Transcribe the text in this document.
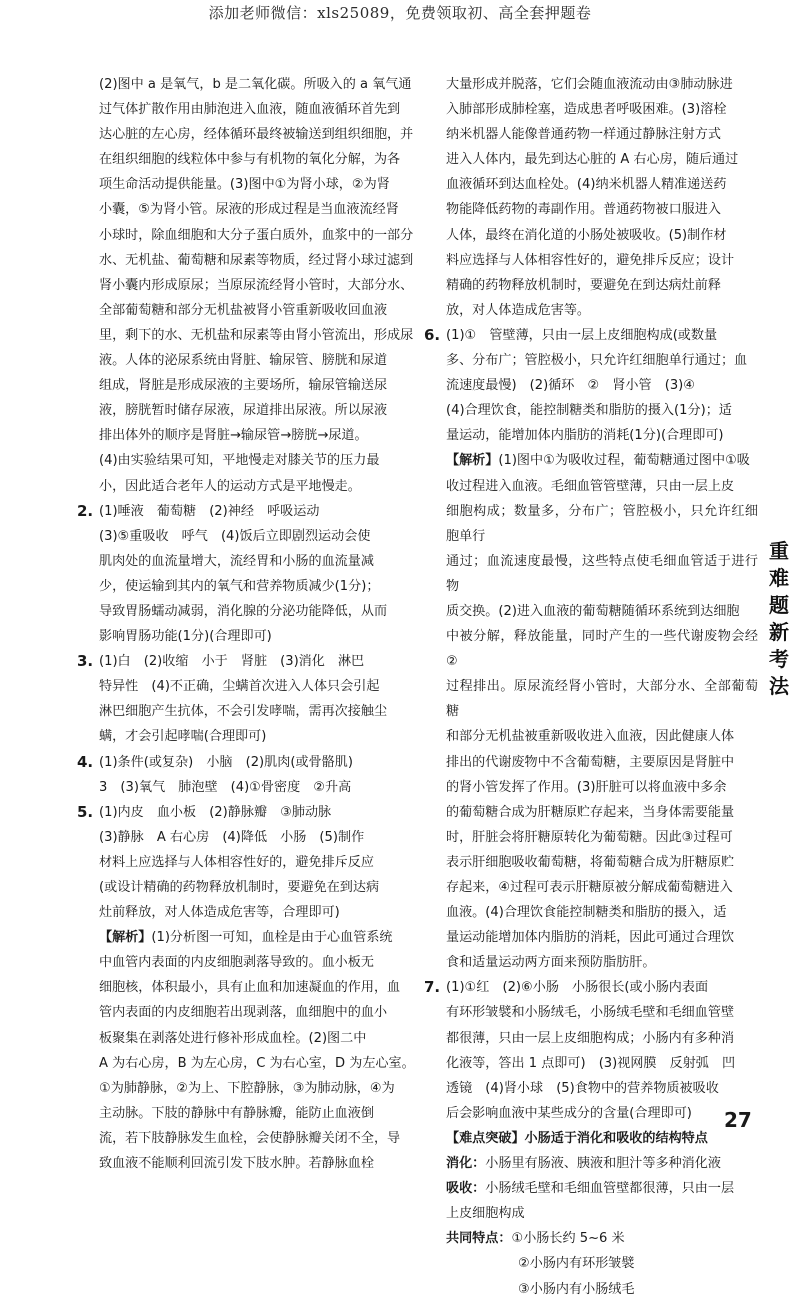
添加老师微信：xls25089，免费领取初、高全套押题卷

(2)图中 a 是氧气，b 是二氧化碳。所吸入的 a 氧气通

过气体扩散作用由肺泡进入血液，随血液循环首先到

达心脏的左心房，经体循环最终被输送到组织细胞，并

在组织细胞的线粒体中参与有机物的氧化分解，为各

项生命活动提供能量。(3)图中①为肾小球，②为肾

小囊，⑤为肾小管。尿液的形成过程是当血液流经肾

小球时，除血细胞和大分子蛋白质外，血浆中的一部分

水、无机盐、葡萄糖和尿素等物质，经过肾小球过滤到

肾小囊内形成原尿；当原尿流经肾小管时，大部分水、

全部葡萄糖和部分无机盐被肾小管重新吸收回血液

里，剩下的水、无机盐和尿素等由肾小管流出，形成尿

液。人体的泌尿系统由肾脏、输尿管、膀胱和尿道

组成，肾脏是形成尿液的主要场所，输尿管输送尿

液，膀胱暂时储存尿液，尿道排出尿液。所以尿液

排出体外的顺序是肾脏→输尿管→膀胱→尿道。

(4)由实验结果可知，平地慢走对膝关节的压力最

小，因此适合老年人的运动方式是平地慢走。

2. (1)唾液　葡萄糖　(2)神经　呼吸运动

(3)⑤重吸收　呼气　(4)饭后立即剧烈运动会使

肌肉处的血流量增大，流经胃和小肠的血流量减

少，使运输到其内的氧气和营养物质减少(1分)；

导致胃肠蠕动减弱，消化腺的分泌功能降低，从而

影响胃肠功能(1分)(合理即可)

3. (1)白　(2)收缩　小于　肾脏　(3)消化　淋巴

特异性　(4)不正确，尘螨首次进入人体只会引起

淋巴细胞产生抗体，不会引发哮喘，需再次接触尘

螨，才会引起哮喘(合理即可)

4. (1)条件(或复杂)　小脑　(2)肌肉(或骨骼肌)

3　(3)氧气　肺泡壁　(4)①骨密度　②升高

5. (1)内皮　血小板　(2)静脉瓣　③肺动脉

(3)静脉　A 右心房　(4)降低　小肠　(5)制作

材料上应选择与人体相容性好的，避免排斥反应

(或设计精确的药物释放机制时，要避免在到达病

灶前释放，对人体造成危害等，合理即可)

【解析】(1)分析图一可知，血栓是由于心血管系统

中血管内表面的内皮细胞剥落导致的。血小板无

细胞核，体积最小，具有止血和加速凝血的作用，血

管内表面的内皮细胞若出现剥落，血细胞中的血小

板聚集在剥落处进行修补形成血栓。(2)图二中

A 为右心房，B 为左心房，C 为右心室，D 为左心室。

①为肺静脉，②为上、下腔静脉，③为肺动脉，④为

主动脉。下肢的静脉中有静脉瓣，能防止血液倒

流，若下肢静脉发生血栓，会使静脉瓣关闭不全，导

致血液不能顺利回流引发下肢水肿。若静脉血栓

大量形成并脱落，它们会随血液流动由③肺动脉进

入肺部形成肺栓塞，造成患者呼吸困难。(3)溶栓

纳米机器人能像普通药物一样通过静脉注射方式

进入人体内，最先到达心脏的 A 右心房，随后通过

血液循环到达血栓处。(4)纳米机器人精准递送药

物能降低药物的毒副作用。普通药物被口服进入

人体，最终在消化道的小肠处被吸收。(5)制作材

料应选择与人体相容性好的，避免排斥反应；设计

精确的药物释放机制时，要避免在到达病灶前释

放，对人体造成危害等。

6. (1)①　管壁薄，只由一层上皮细胞构成(或数量

多、分布广；管腔极小，只允许红细胞单行通过；血

流速度最慢)　(2)循环　②　肾小管　(3)④

(4)合理饮食，能控制糖类和脂肪的摄入(1分)；适

量运动，能增加体内脂肪的消耗(1分)(合理即可)

【解析】(1)图中①为吸收过程，葡萄糖通过图中①吸

收过程进入血液。毛细血管管壁薄，只由一层上皮

细胞构成；数量多，分布广；管腔极小，只允许红细胞单行

通过；血流速度最慢，这些特点使毛细血管适于进行物

质交换。(2)进入血液的葡萄糖随循环系统到达细胞

中被分解，释放能量，同时产生的一些代谢废物会经②

过程排出。原尿流经肾小管时，大部分水、全部葡萄糖

和部分无机盐被重新吸收进入血液，因此健康人体

排出的代谢废物中不含葡萄糖，主要原因是肾脏中

的肾小管发挥了作用。(3)肝脏可以将血液中多余

的葡萄糖合成为肝糖原贮存起来，当身体需要能量

时，肝脏会将肝糖原转化为葡萄糖。因此③过程可

表示肝细胞吸收葡萄糖，将葡萄糖合成为肝糖原贮

存起来，④过程可表示肝糖原被分解成葡萄糖进入

血液。(4)合理饮食能控制糖类和脂肪的摄入，适

量运动能增加体内脂肪的消耗，因此可通过合理饮

食和适量运动两方面来预防脂肪肝。

7. (1)①红　(2)⑥小肠　小肠很长(或小肠内表面

有环形皱襞和小肠绒毛，小肠绒毛壁和毛细血管壁

都很薄，只由一层上皮细胞构成；小肠内有多种消

化液等，答出 1 点即可)　(3)视网膜　反射弧　凹

透镜　(4)肾小球　(5)食物中的营养物质被吸收

后会影响血液中某些成分的含量(合理即可)

【难点突破】小肠适于消化和吸收的结构特点

消化：小肠里有肠液、胰液和胆汁等多种消化液

吸收：小肠绒毛壁和毛细血管壁都很薄，只由一层

上皮细胞构成

共同特点：①小肠长约 5~6 米

②小肠内有环形皱襞

③小肠内有小肠绒毛

重
难
题
新
考
法
27
